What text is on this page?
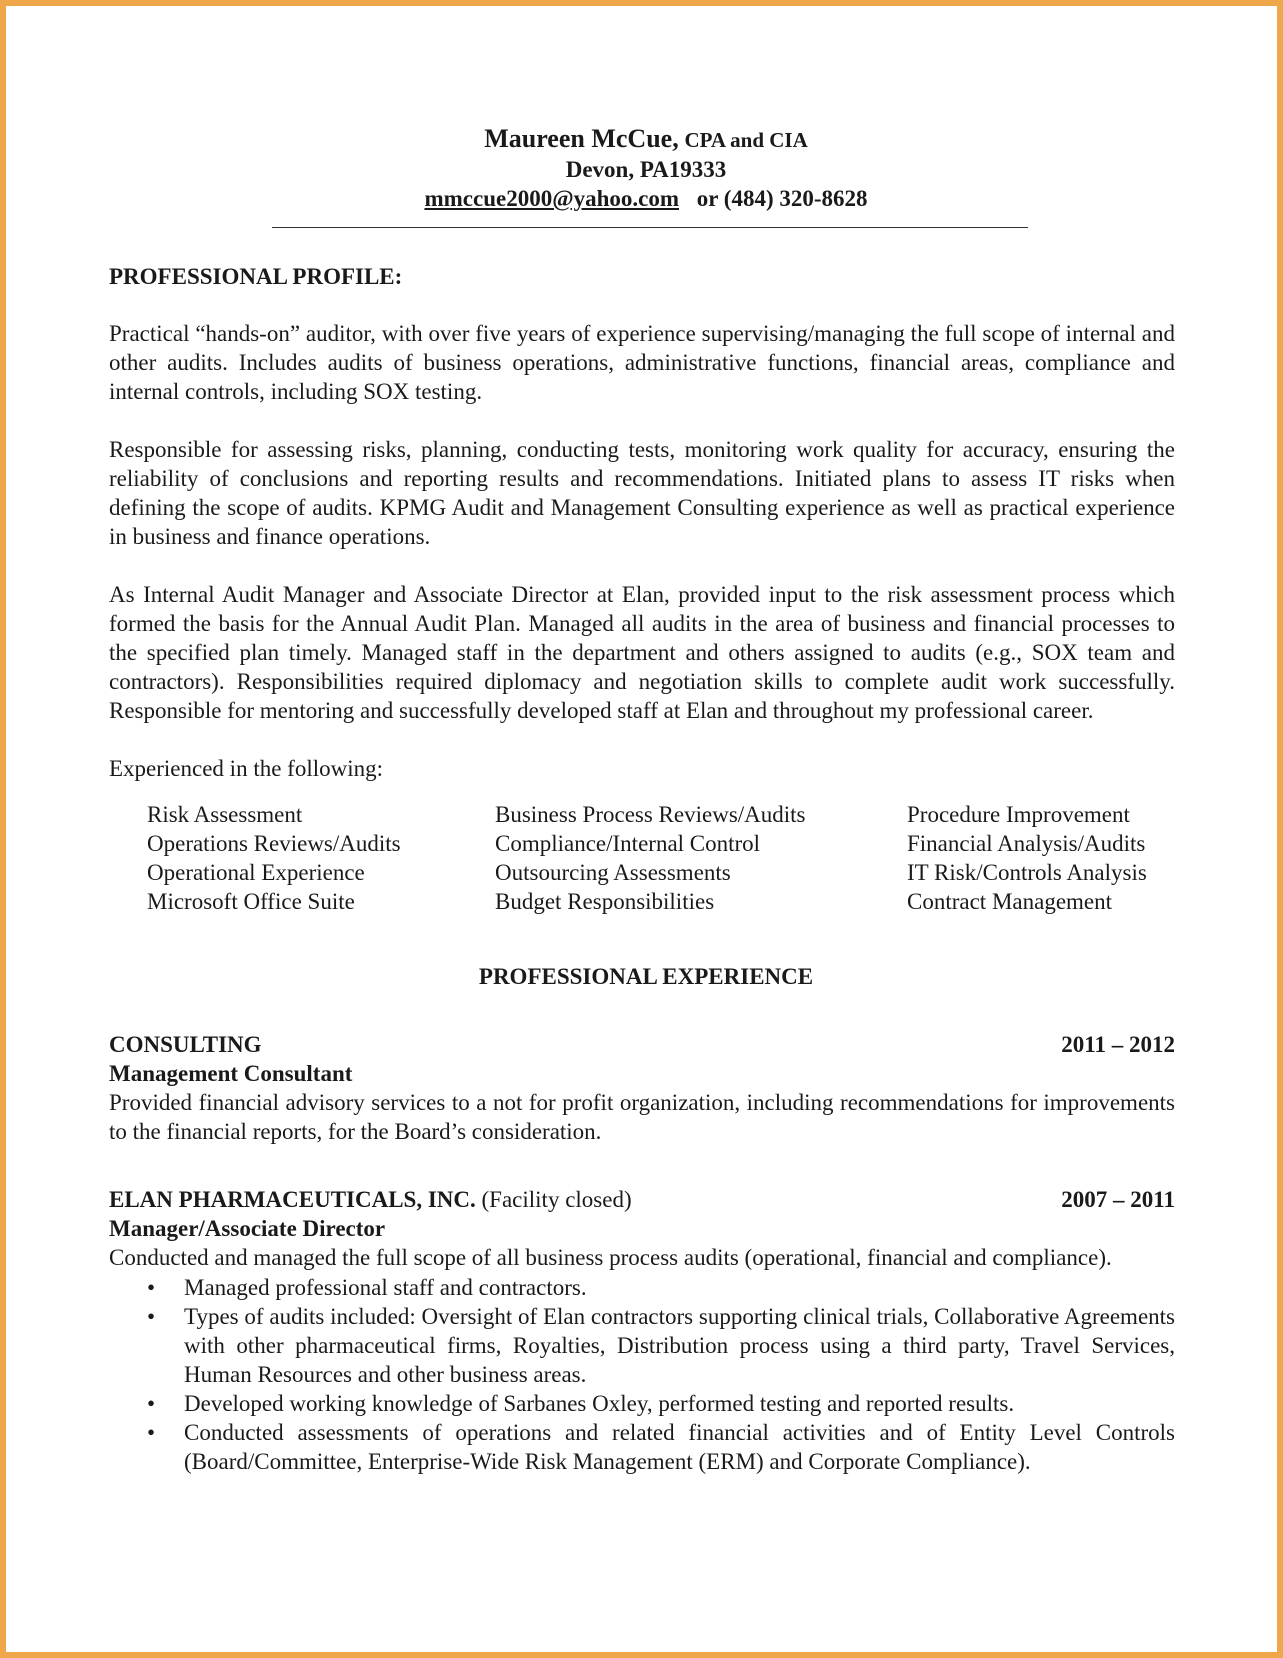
Maureen McCue, CPA and CIA
Devon, PA19333
mmccue2000@yahoo.com or (484) 320-8628
PROFESSIONAL PROFILE:

Practical “hands-on” auditor, with over five years of experience supervising/managing the full scope of internal and other audits. Includes audits of business operations, administrative functions, financial areas, compliance and internal controls, including SOX testing.

Responsible for assessing risks, planning, conducting tests, monitoring work quality for accuracy, ensuring the reliability of conclusions and reporting results and recommendations. Initiated plans to assess IT risks when defining the scope of audits. KPMG Audit and Management Consulting experience as well as practical experience in business and finance operations.

As Internal Audit Manager and Associate Director at Elan, provided input to the risk assessment process which formed the basis for the Annual Audit Plan. Managed all audits in the area of business and financial processes to the specified plan timely. Managed staff in the department and others assigned to audits (e.g., SOX team and contractors). Responsibilities required diplomacy and negotiation skills to complete audit work successfully. Responsible for mentoring and successfully developed staff at Elan and throughout my professional career.

Experienced in the following:

Risk Assessment	Business Process Reviews/Audits	Procedure Improvement
Operations Reviews/Audits	Compliance/Internal Control	Financial Analysis/Audits
Operational Experience	Outsourcing Assessments	IT Risk/Controls Analysis
Microsoft Office Suite	Budget Responsibilities	Contract Management
PROFESSIONAL EXPERIENCE
CONSULTING	2011 – 2012
Management Consultant

Provided financial advisory services to a not for profit organization, including recommendations for improvements to the financial reports, for the Board’s consideration.

ELAN PHARMACEUTICALS, INC. (Facility closed)	2007 – 2011
Manager/Associate Director

Conducted and managed the full scope of all business process audits (operational, financial and compliance).

• Managed professional staff and contractors.
• Types of audits included: Oversight of Elan contractors supporting clinical trials, Collaborative Agreements with other pharmaceutical firms, Royalties, Distribution process using a third party, Travel Services, Human Resources and other business areas.
• Developed working knowledge of Sarbanes Oxley, performed testing and reported results.
• Conducted assessments of operations and related financial activities and of Entity Level Controls (Board/Committee, Enterprise-Wide Risk Management (ERM) and Corporate Compliance).
